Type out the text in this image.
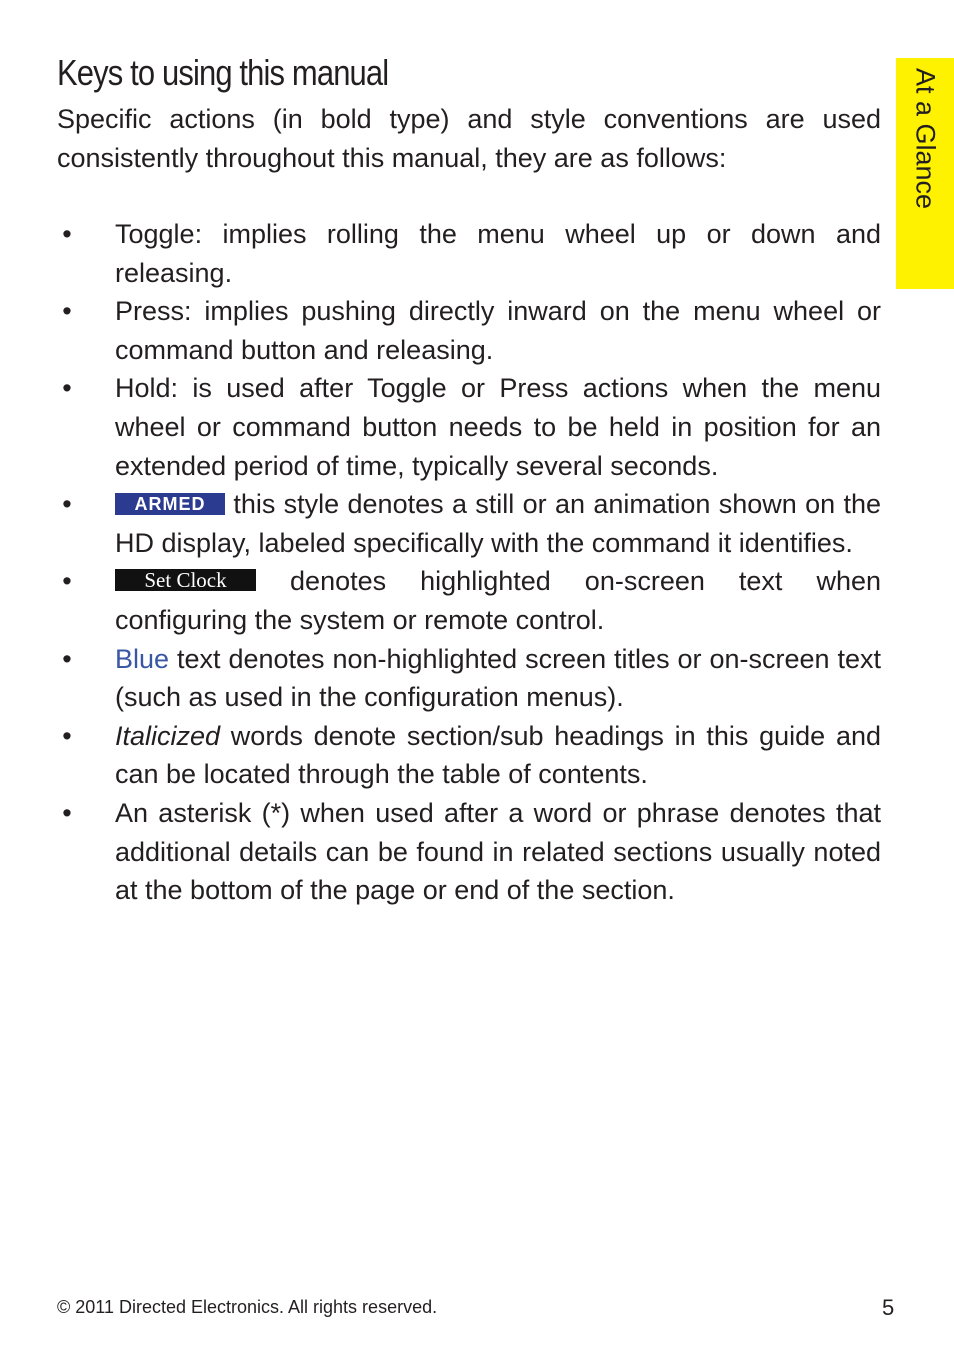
At a Glance
Keys to using this manual

Specific actions (in bold type) and style conventions are used consistently throughout this manual, they are as follows:

• Toggle: implies rolling the menu wheel up or down and releasing.
• Press: implies pushing directly inward on the menu wheel or command button and releasing.
• Hold: is used after Toggle or Press actions when the menu wheel or command button needs to be held in position for an extended period of time, typically several seconds.
•	ARMED this style denotes a still or an animation shown on the HD display, labeled specifically with the command it identifies.
•	Set Clock denotes highlighted on-screen text when configuring the system or remote control.
• Blue text denotes non-highlighted screen titles or on-screen text (such as used in the configuration menus).
• Italicized words denote section/sub headings in this guide and can be located through the table of contents.
• An asterisk (*) when used after a word or phrase denotes that additional details can be found in related sections usually noted at the bottom of the page or end of the section.
© 2011 Directed Electronics. All rights reserved.	5
